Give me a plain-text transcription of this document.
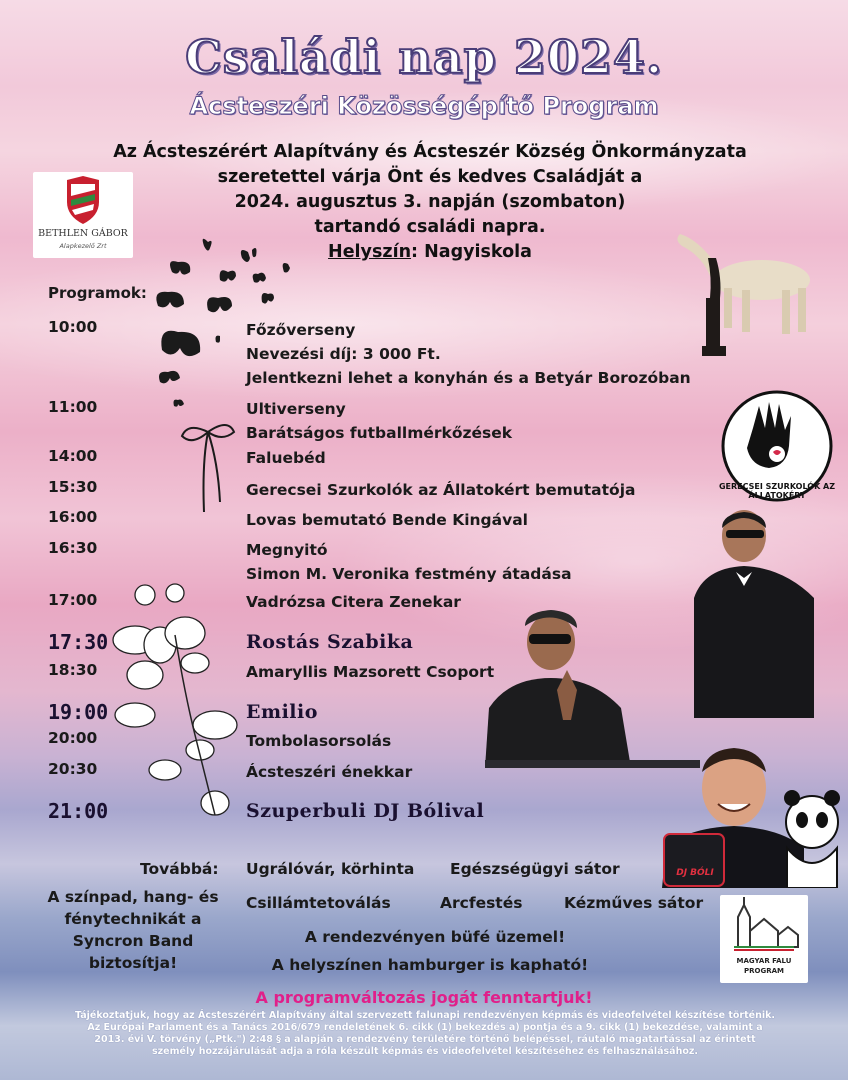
Családi nap 2024.
Ácsteszéri Közösségépítő Program
Az Ácsteszérért Alapítvány és Ácsteszér Község Önkormányzata
szeretettel várja Önt és kedves Családját a
2024. augusztus 3. napján (szombaton)
tartandó családi napra.
Helyszín: Nagyiskola
BETHLEN GÁBOR
Alapkezelő Zrt
Programok:
10:00	Főzőverseny
Nevezési díj: 3 000 Ft.
Jelentkezni lehet a konyhán és a Betyár Borozóban
11:00	Ultiverseny
Barátságos futballmérkőzések
14:00	Faluebéd
15:30	Gerecsei Szurkolók az Állatokért bemutatója
16:00	Lovas bemutató Bende Kingával
16:30	Megnyitó
Simon M. Veronika festmény átadása
17:00	Vadrózsa Citera Zenekar
17:30	Rostás Szabika
18:30	Amaryllis Mazsorett Csoport
19:00	Emilio
20:00	Tombolasorsolás
20:30	Ácsteszéri énekkar
21:00	Szuperbuli DJ Bólival
GERECSEI SZURKOLÓK AZ ÁLLATOKÉRT
DJ BÓLI
Továbbá: Ugrálóvár, körhinta Egészségügyi sátor
Csillámtetoválás	Arcfestés	Kézműves sátor
A színpad, hang- és
fénytechnikát a
Syncron Band
biztosítja!
A rendezvényen büfé üzemel!
A helyszínen hamburger is kapható!	MAGYAR FALU
PROGRAM
A programváltozás jogát fenntartjuk!
Tájékoztatjuk, hogy az Ácsteszérért Alapítvány által szervezett falunapi rendezvényen képmás és videofelvétel készítése történik.
Az Európai Parlament és a Tanács 2016/679 rendeletének 6. cikk (1) bekezdés a) pontja és a 9. cikk (1) bekezdése, valamint a
2013. évi V. törvény („Ptk.") 2:48 § a alapján a rendezvény területére történő belépéssel, ráutaló magatartással az érintett
személy hozzájárulását adja a róla készült képmás és videofelvétel készítéséhez és felhasználásához.
